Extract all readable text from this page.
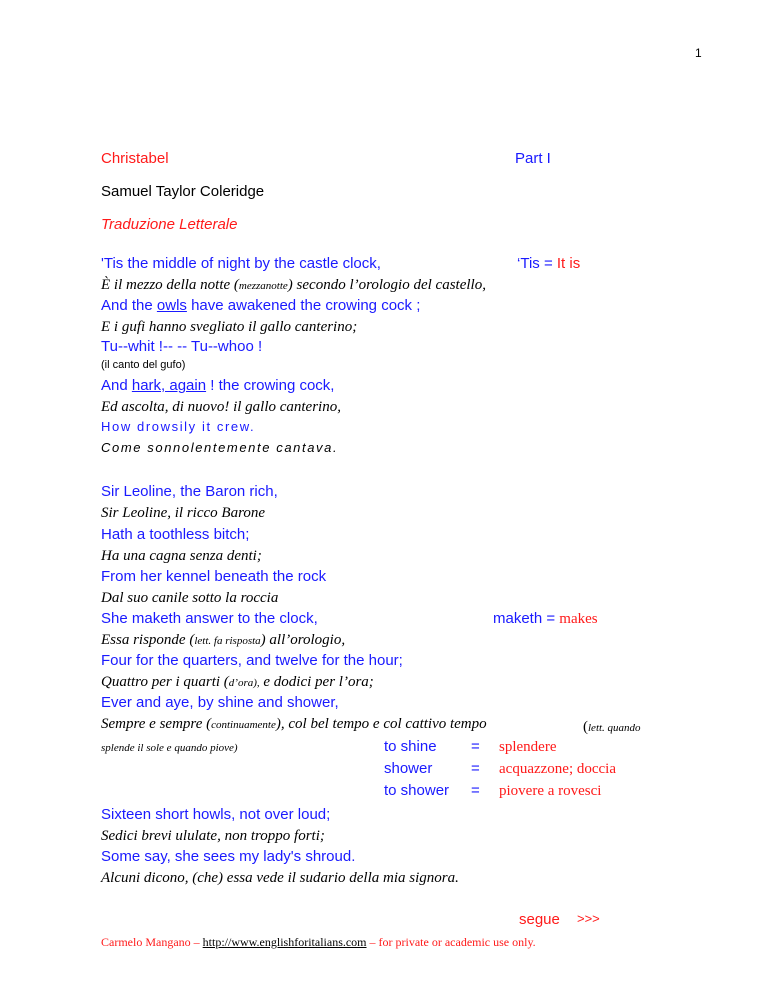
1
Christabel	Part I
Samuel Taylor Coleridge
Traduzione Letterale
'Tis the middle of night by the castle clock,	‘Tis = It is
È il mezzo della notte (mezzanotte) secondo l’orologio del castello,
And the owls have awakened the crowing cock ;
E i gufi hanno svegliato il gallo canterino;
Tu--whit !-- -- Tu--whoo !
(il canto del gufo)
And hark, again ! the crowing cock,
Ed ascolta, di nuovo! il gallo canterino,
How drowsily it crew.
Come sonnolentemente cantava.
Sir Leoline, the Baron rich,
Sir Leoline, il ricco Barone
Hath a toothless bitch;
Ha una cagna senza denti;
From her kennel beneath the rock
Dal suo canile sotto la roccia
She maketh answer to the clock,	maketh = makes
Essa risponde (lett. fa risposta) all’orologio,
Four for the quarters, and twelve for the hour;
Quattro per i quarti (d’ora), e dodici per l’ora;
Ever and aye, by shine and shower,
Sempre e sempre (continuamente), col bel tempo e col cattivo tempo	(lett. quando
splende il sole e quando piove)	to shine = splendere
shower	= acquazzone; doccia
to shower = piovere a rovesci
Sixteen short howls, not over loud;
Sedici brevi ululate, non troppo forti;
Some say, she sees my lady's shroud.
Alcuni dicono, (che) essa vede il sudario della mia signora.
segue >>>
Carmelo Mangano – http://www.englishforitalians.com – for private or academic use only.
